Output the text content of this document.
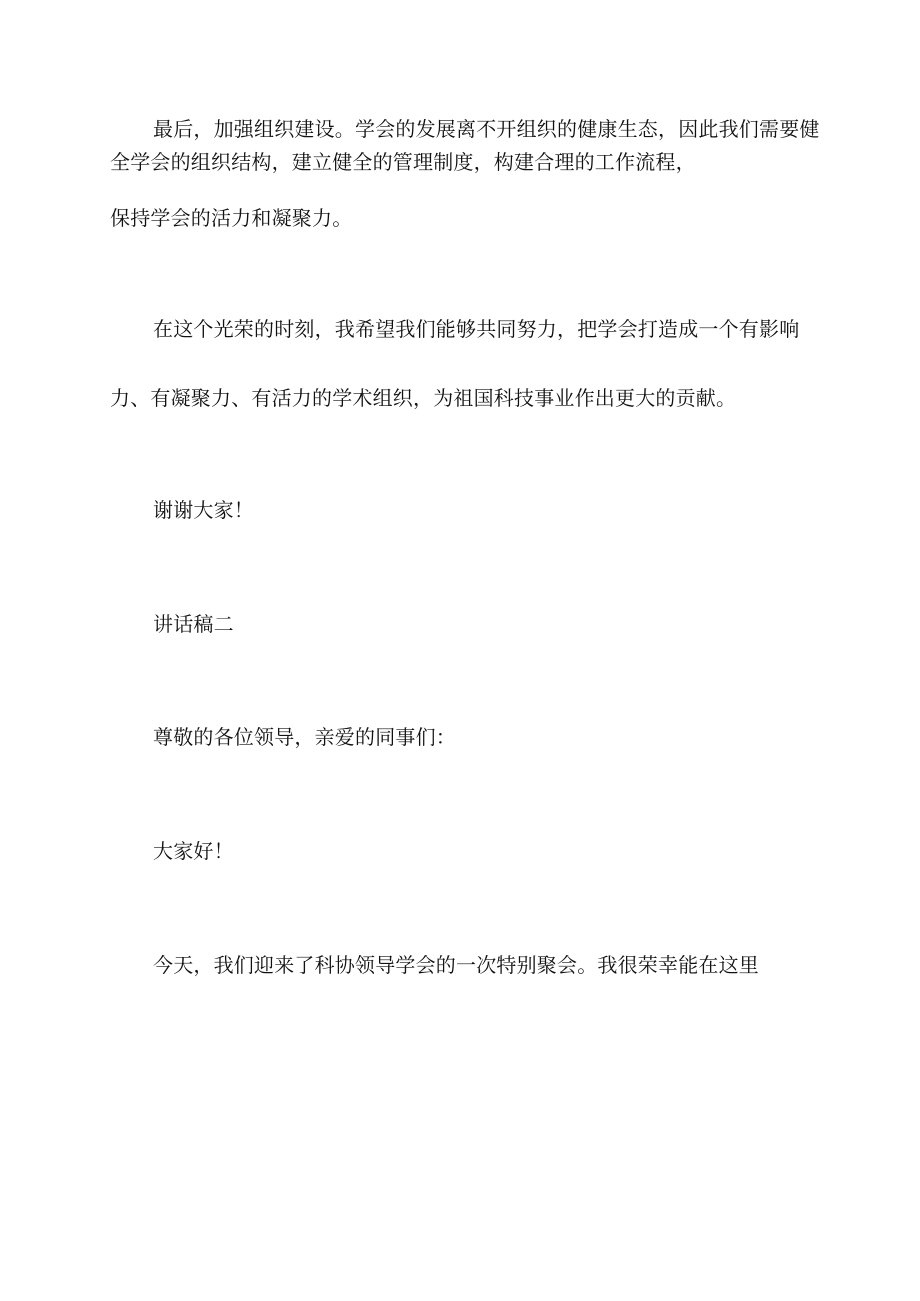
最后，加强组织建设。学会的发展离不开组织的健康生态，因此我们需要健
全学会的组织结构，建立健全的管理制度，构建合理的工作流程，
保持学会的活力和凝聚力。
在这个光荣的时刻，我希望我们能够共同努力，把学会打造成一个有影响
力、有凝聚力、有活力的学术组织，为祖国科技事业作出更大的贡献。
谢谢大家！
讲话稿二
尊敬的各位领导，亲爱的同事们：
大家好！
今天，我们迎来了科协领导学会的一次特别聚会。我很荣幸能在这里
